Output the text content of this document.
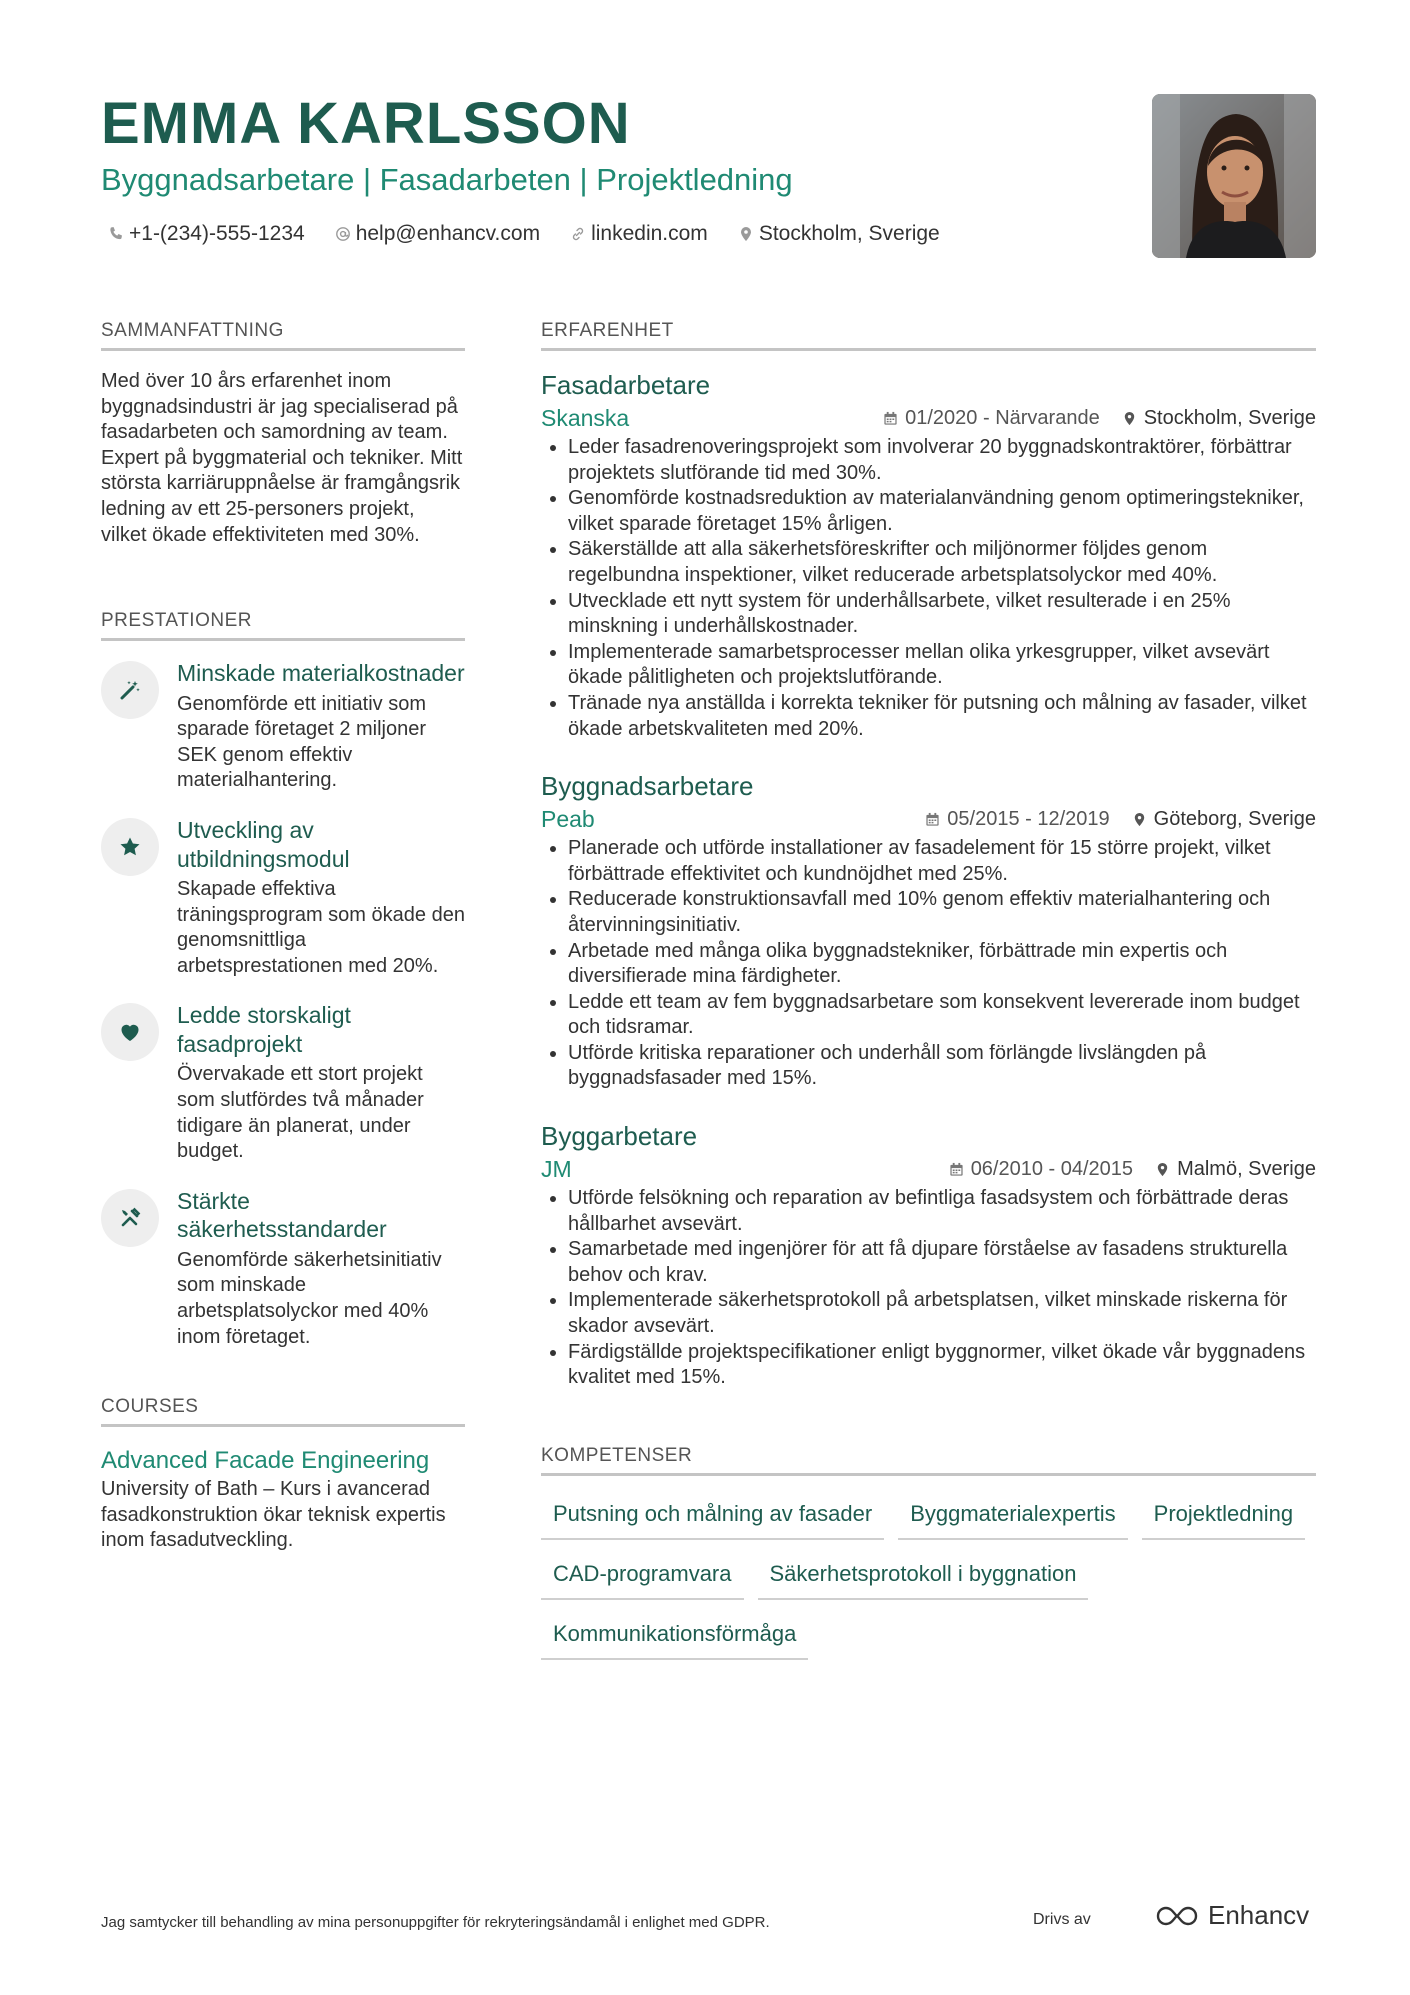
EMMA KARLSSON
Byggnadsarbetare | Fasadarbeten | Projektledning
+1-(234)-555-1234 help@enhancv.com linkedin.com Stockholm, Sverige
SAMMANFATTNING
Med över 10 års erfarenhet inom byggnadsindustri är jag specialiserad på fasadarbeten och samordning av team. Expert på byggmaterial och tekniker. Mitt största karriäruppnåelse är framgångsrik ledning av ett 25-personers projekt, vilket ökade effektiviteten med 30%.
PRESTATIONER
Minskade materialkostnader
Genomförde ett initiativ som sparade företaget 2 miljoner SEK genom effektiv materialhantering.
Utveckling av utbildningsmodul
Skapade effektiva träningsprogram som ökade den genomsnittliga arbetsprestationen med 20%.
Ledde storskaligt fasadprojekt
Övervakade ett stort projekt som slutfördes två månader tidigare än planerat, under budget.
Stärkte säkerhetsstandarder
Genomförde säkerhetsinitiativ som minskade arbetsplatsolyckor med 40% inom företaget.
COURSES
Advanced Facade Engineering
University of Bath – Kurs i avancerad fasadkonstruktion ökar teknisk expertis inom fasadutveckling.
ERFARENHET
Fasadarbetare
Skanska	01/2020 - Närvarande Stockholm, Sverige
• Leder fasadrenoveringsprojekt som involverar 20 byggnadskontraktörer, förbättrar projektets slutförande tid med 30%.
• Genomförde kostnadsreduktion av materialanvändning genom optimeringstekniker, vilket sparade företaget 15% årligen.
• Säkerställde att alla säkerhetsföreskrifter och miljönormer följdes genom regelbundna inspektioner, vilket reducerade arbetsplatsolyckor med 40%.
• Utvecklade ett nytt system för underhållsarbete, vilket resulterade i en 25% minskning i underhållskostnader.
• Implementerade samarbetsprocesser mellan olika yrkesgrupper, vilket avsevärt ökade pålitligheten och projektslutförande.
• Tränade nya anställda i korrekta tekniker för putsning och målning av fasader, vilket ökade arbetskvaliteten med 20%.
Byggnadsarbetare
Peab	05/2015 - 12/2019 Göteborg, Sverige
• Planerade och utförde installationer av fasadelement för 15 större projekt, vilket förbättrade effektivitet och kundnöjdhet med 25%.
• Reducerade konstruktionsavfall med 10% genom effektiv materialhantering och återvinningsinitiativ.
• Arbetade med många olika byggnadstekniker, förbättrade min expertis och diversifierade mina färdigheter.
• Ledde ett team av fem byggnadsarbetare som konsekvent levererade inom budget och tidsramar.
• Utförde kritiska reparationer och underhåll som förlängde livslängden på byggnadsfasader med 15%.
Byggarbetare
JM	06/2010 - 04/2015 Malmö, Sverige
• Utförde felsökning och reparation av befintliga fasadsystem och förbättrade deras hållbarhet avsevärt.
• Samarbetade med ingenjörer för att få djupare förståelse av fasadens strukturella behov och krav.
• Implementerade säkerhetsprotokoll på arbetsplatsen, vilket minskade riskerna för skador avsevärt.
• Färdigställde projektspecifikationer enligt byggnormer, vilket ökade vår byggnadens kvalitet med 15%.
KOMPETENSER
Putsning och målning av fasader	Byggmaterialexpertis	Projektledning
CAD-programvara	Säkerhetsprotokoll i byggnation
Kommunikationsförmåga
Jag samtycker till behandling av mina personuppgifter för rekryteringsändamål i enlighet med GDPR.	Drivs av	Enhancv
